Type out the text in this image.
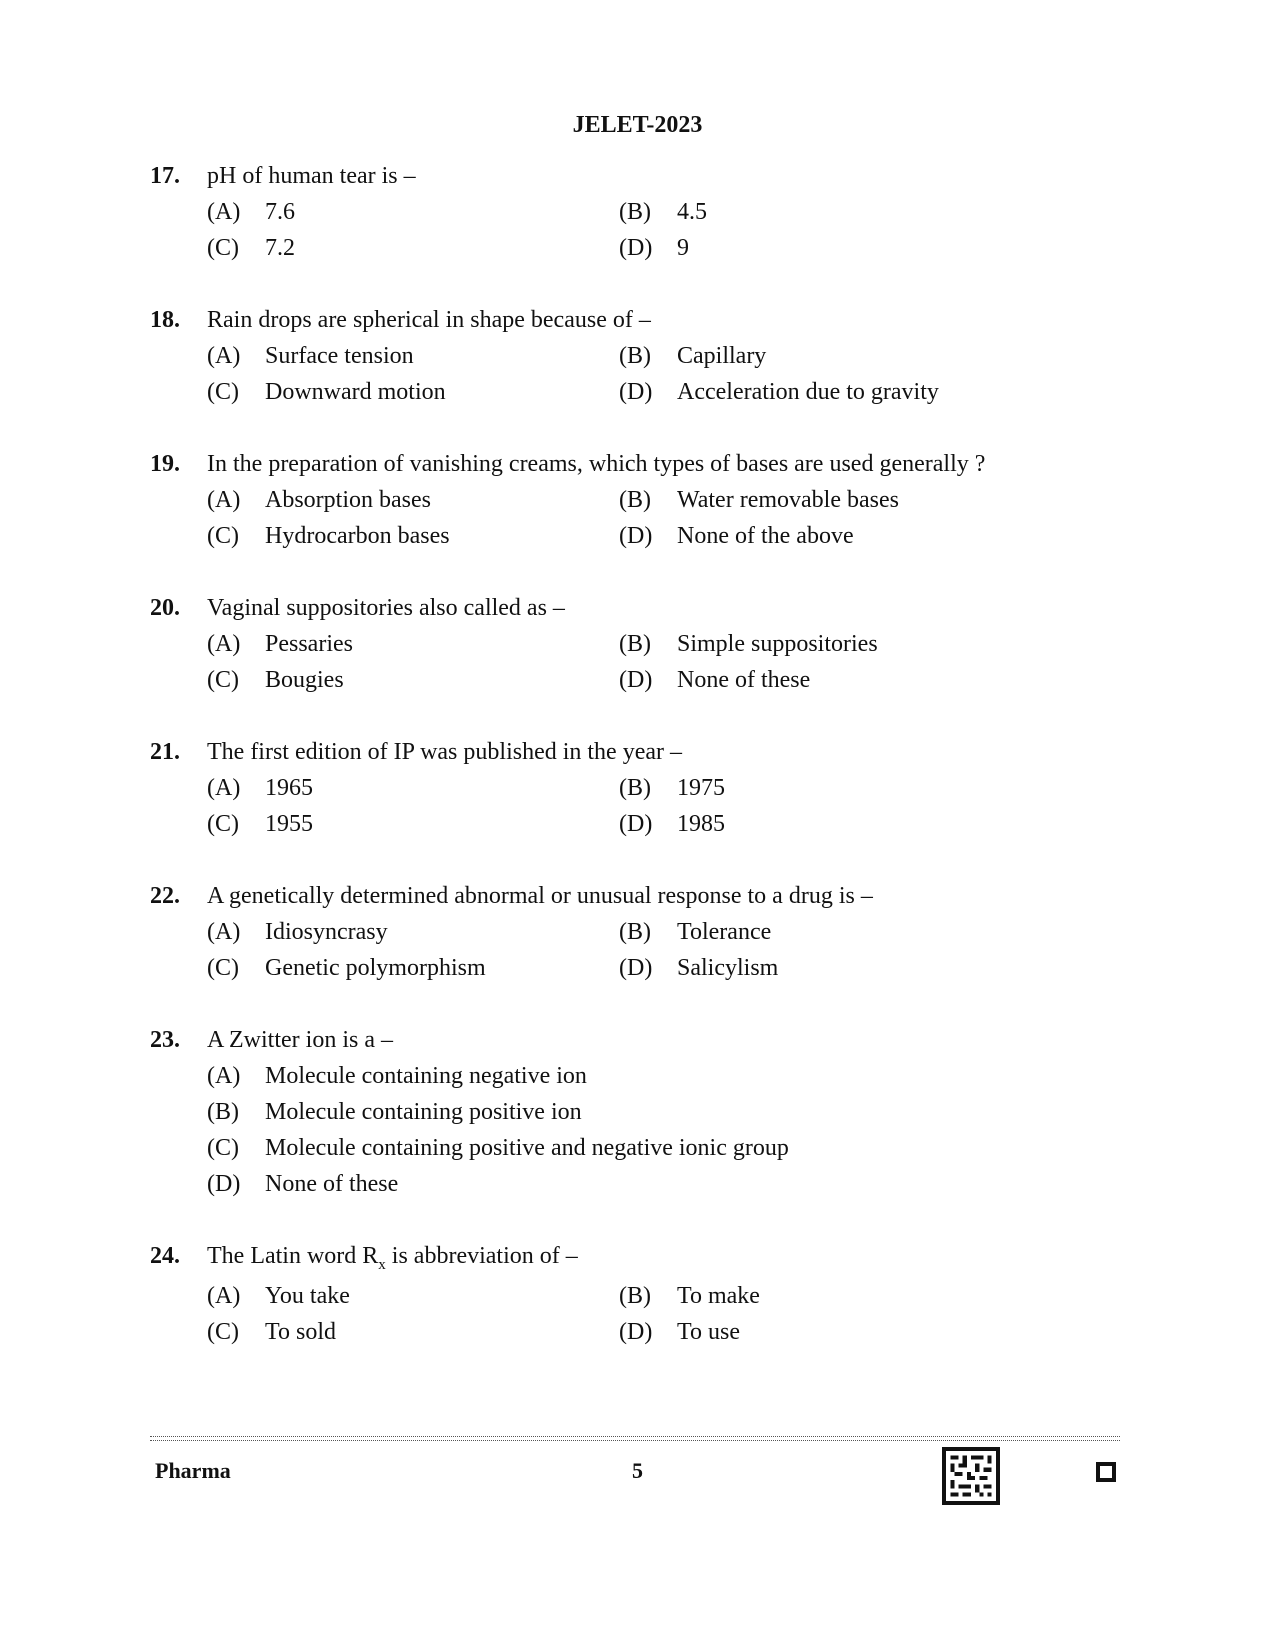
JELET-2023
17.	pH of human tear is –
(A)	7.6	(B)	4.5
(C)	7.2	(D)	9
18.	Rain drops are spherical in shape because of –
(A)	Surface tension	(B)	Capillary
(C)	Downward motion	(D)	Acceleration due to gravity
19.	In the preparation of vanishing creams, which types of bases are used generally ?
(A)	Absorption bases	(B)	Water removable bases
(C)	Hydrocarbon bases	(D)	None of the above
20.	Vaginal suppositories also called as –
(A)	Pessaries	(B)	Simple suppositories
(C)	Bougies	(D)	None of these
21.	The first edition of IP was published in the year –
(A)	1965	(B)	1975
(C)	1955	(D)	1985
22.	A genetically determined abnormal or unusual response to a drug is –
(A)	Idiosyncrasy	(B)	Tolerance
(C)	Genetic polymorphism	(D)	Salicylism
23.	A Zwitter ion is a –
(A)	Molecule containing negative ion
(B)	Molecule containing positive ion
(C)	Molecule containing positive and negative ionic group
(D)	None of these
24.	The Latin word $R_x$ is abbreviation of –
(A)	You take	(B)	To make
(C)	To sold	(D)	To use
Pharma	5
